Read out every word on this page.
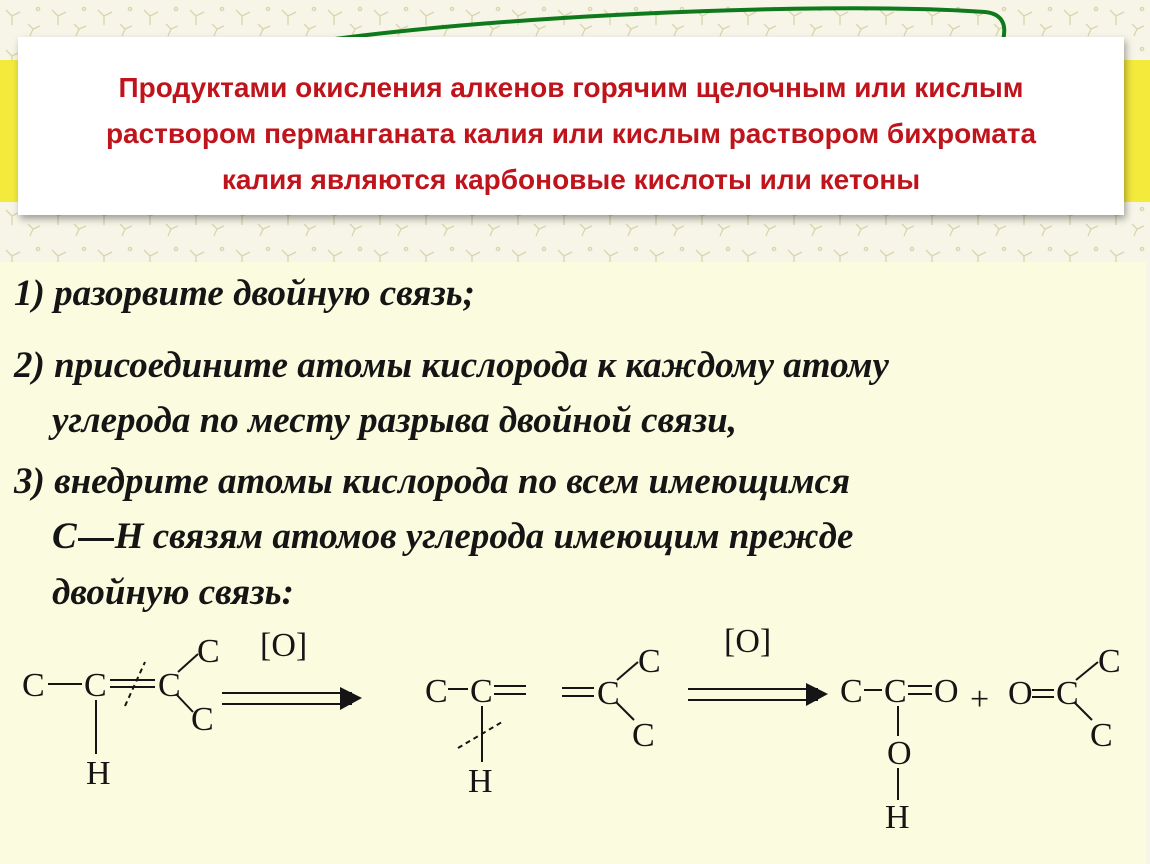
Продуктами окисления алкенов горячим щелочным или кислым
раствором перманганата калия или кислым раствором бихромата
калия являются карбоновые кислоты или кетоны

1) разорвите двойную связь;

2) присоедините атомы кислорода к каждому атому

углерода по месту разрыва двойной связи,

3) внедрите атомы кислорода по всем имеющимся

С Н связям атомов углерода имеющим прежде

двойную связь:

C C C
C
C
H
[O]	[O]
C C
H
C
C
C
C C O
O
H
+ O C
C
C
